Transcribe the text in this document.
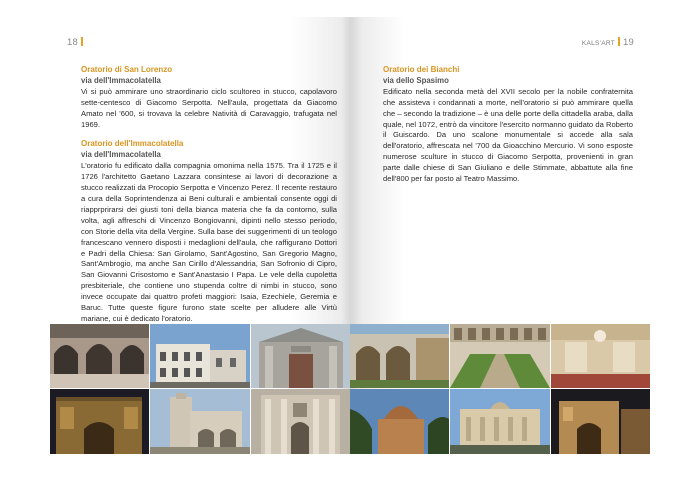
18
Oratorio di San Lorenzo
via dell'Immacolatella
Vi si può ammirare uno straordinario ciclo scultoreo in stucco, capolavoro sette-centesco di Giacomo Serpotta. Nell'aula, progettata da Giacomo Amato nel '600, si trovava la celebre Natività di Caravaggio, trafugata nel 1969.
Oratorio dell'Immacolatella
via dell'Immacolatella
L'oratorio fu edificato dalla compagnia omonima nella 1575. Tra il 1725 e il 1726 l'architetto Gaetano Lazzara consintese ai lavori di decorazione a stucco realizzati da Procopio Serpotta e Vincenzo Perez. Il recente restauro a cura della Soprintendenza ai Beni culturali e ambientali consente oggi di riapprprirarsi dei giusti toni della bianca materia che fa da contorno, sulla volta, agli affreschi di Vincenzo Bongiovanni, dipinti nello stesso periodo, con Storie della vita della Vergine. Sulla base dei suggerimenti di un teologo francescano vennero disposti i medaglioni dell'aula, che raffigurano Dottori e Padri della Chiesa: San Girolamo, Sant'Agostino, San Gregorio Magno, Sant'Ambrogio, ma anche San Cirillo d'Alessandria, San Sofronio di Cipro, San Giovanni Crisostomo e Sant'Anastasio I Papa. Le vele della cupoletta presbiteriale, che contiene uno stupenda coltre di nimbi in stucco, sono invece occupate dai quattro profeti maggiori: Isaia, Ezechiele, Geremia e Baruc. Tutte queste figure furono state scelte per alludere alle Virtù mariane, cui è dedicato l'oratorio.
KALS'ART 19
Oratorio dei Bianchi
via dello Spasimo
Edificato nella seconda metà del XVII secolo per la nobile confraternita che assisteva i condannati a morte, nell'oratorio si può ammirare quella che – secondo la tradizione – è una delle porte della cittadella araba, dalla quale, nel 1072, entrò da vincitore l'esercito normanno guidato da Roberto il Guiscardo. Da uno scalone monumentale si accede alla sala dell'oratorio, affrescata nel '700 da Gioacchino Mercurio. Vi sono esposte numerose sculture in stucco di Giacomo Serpotta, provenienti in gran parte dalle chiese di San Giuliano e delle Stimmate, abbattute alla fine dell'800 per far posto al Teatro Massimo.
